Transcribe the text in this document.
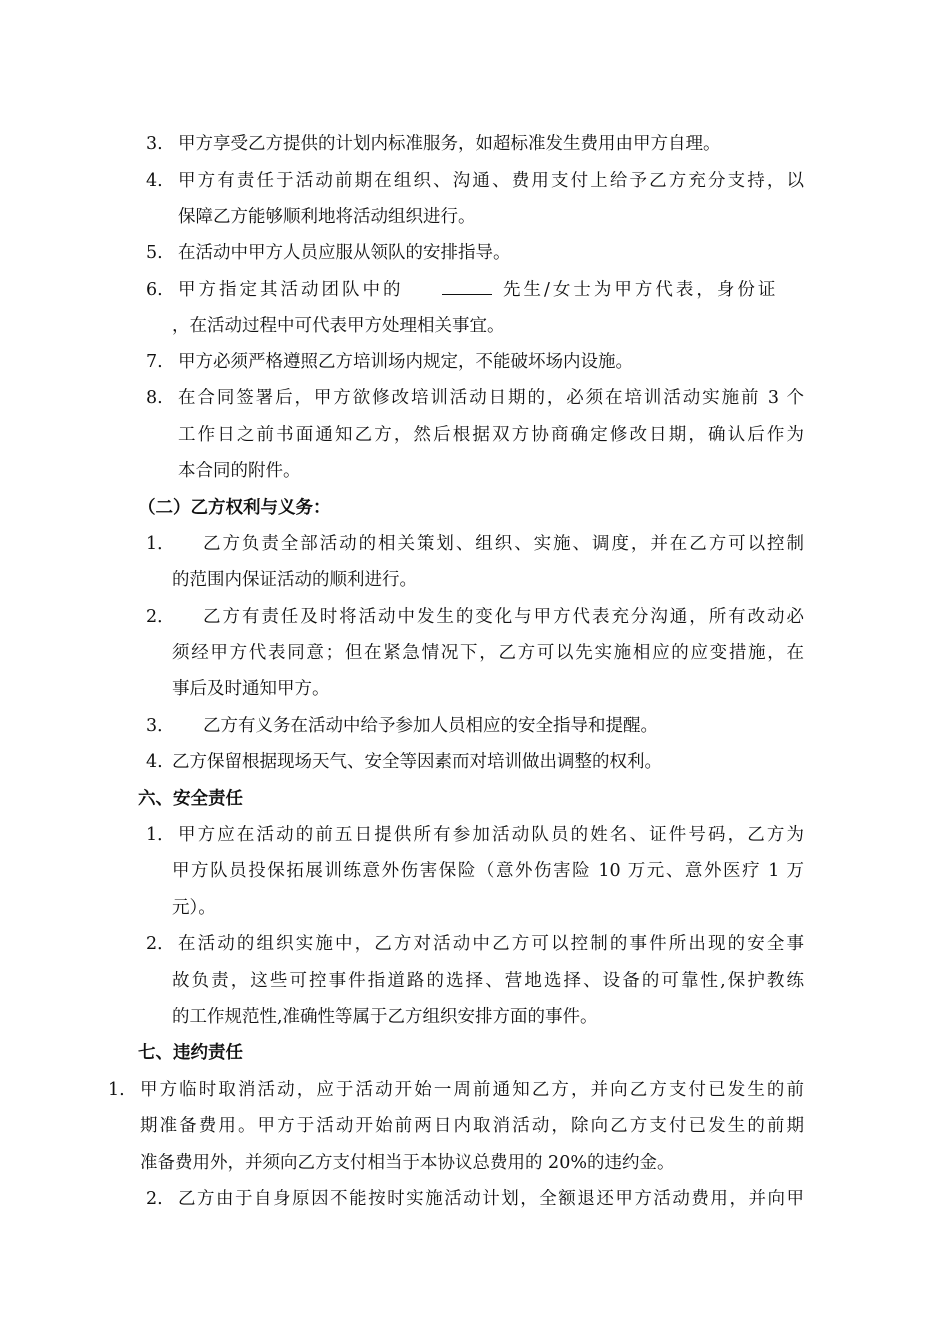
3. 甲方享受乙方提供的计划内标准服务，如超标准发生费用由甲方自理。
4. 甲方有责任于活动前期在组织、沟通、费用支付上给予乙方充分支持，以
保障乙方能够顺利地将活动组织进行。
5. 在活动中甲方人员应服从领队的安排指导。
6. 甲方指定其活动团队中的	先生/女士为甲方代表，身份证
，在活动过程中可代表甲方处理相关事宜。
7. 甲方必须严格遵照乙方培训场内规定，不能破坏场内设施。
8. 在合同签署后，甲方欲修改培训活动日期的，必须在培训活动实施前 3 个
工作日之前书面通知乙方，然后根据双方协商确定修改日期，确认后作为
本合同的附件。
（二）乙方权利与义务：
1． 乙方负责全部活动的相关策划、组织、实施、调度，并在乙方可以控制
的范围内保证活动的顺利进行。
2． 乙方有责任及时将活动中发生的变化与甲方代表充分沟通，所有改动必
须经甲方代表同意；但在紧急情况下，乙方可以先实施相应的应变措施，在
事后及时通知甲方。
3． 乙方有义务在活动中给予参加人员相应的安全指导和提醒。
4. 乙方保留根据现场天气、安全等因素而对培训做出调整的权利。
六、安全责任
1． 甲方应在活动的前五日提供所有参加活动队员的姓名、证件号码，乙方为
甲方队员投保拓展训练意外伤害保险（意外伤害险 10 万元、意外医疗 1 万
元）。
2． 在活动的组织实施中，乙方对活动中乙方可以控制的事件所出现的安全事
故负责，这些可控事件指道路的选择、营地选择、设备的可靠性,保护教练
的工作规范性,准确性等属于乙方组织安排方面的事件。
七、违约责任
1. 甲方临时取消活动，应于活动开始一周前通知乙方，并向乙方支付已发生的前
期准备费用。甲方于活动开始前两日内取消活动，除向乙方支付已发生的前期
准备费用外，并须向乙方支付相当于本协议总费用的 20%的违约金。
2. 乙方由于自身原因不能按时实施活动计划，全额退还甲方活动费用，并向甲
